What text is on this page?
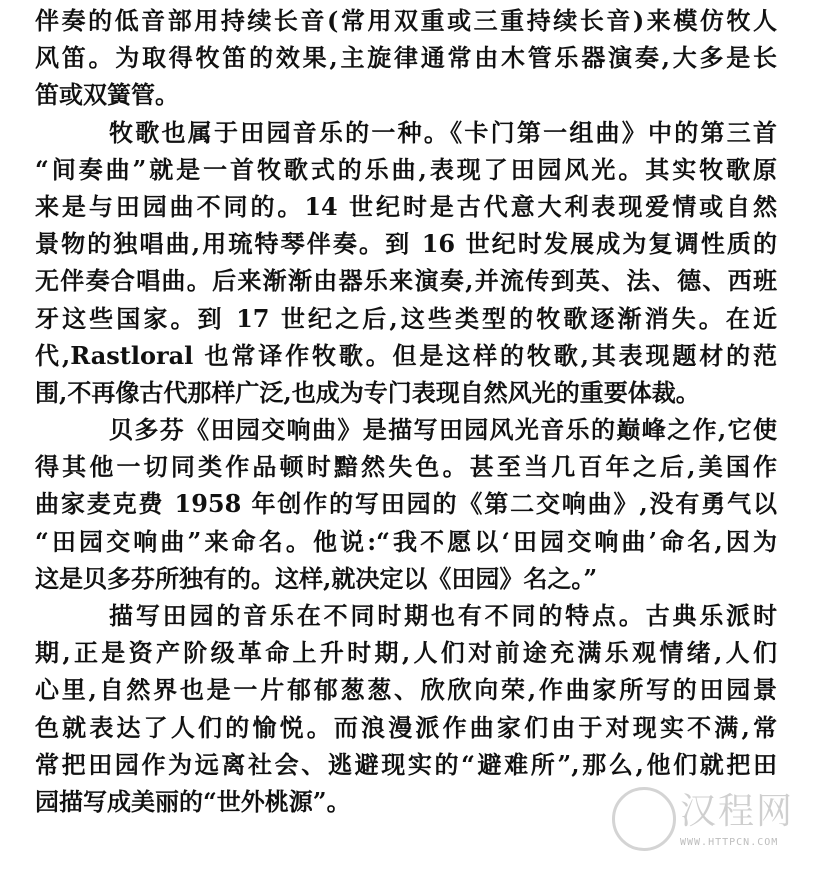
伴奏的低音部用持续长音(常用双重或三重持续长音)来模仿牧人
风笛。为取得牧笛的效果,主旋律通常由木管乐器演奏,大多是长
笛或双簧管。
牧歌也属于田园音乐的一种。《卡门第一组曲》中的第三首
“间奏曲”就是一首牧歌式的乐曲,表现了田园风光。其实牧歌原
来是与田园曲不同的。14 世纪时是古代意大利表现爱情或自然
景物的独唱曲,用琉特琴伴奏。到 16 世纪时发展成为复调性质的
无伴奏合唱曲。后来渐渐由器乐来演奏,并流传到英、法、德、西班
牙这些国家。到 17 世纪之后,这些类型的牧歌逐渐消失。在近
代,Rastloral 也常译作牧歌。但是这样的牧歌,其表现题材的范
围,不再像古代那样广泛,也成为专门表现自然风光的重要体裁。
贝多芬《田园交响曲》是描写田园风光音乐的巅峰之作,它使
得其他一切同类作品顿时黯然失色。甚至当几百年之后,美国作
曲家麦克费 1958 年创作的写田园的《第二交响曲》,没有勇气以
“田园交响曲”来命名。他说:“我不愿以‘田园交响曲’命名,因为
这是贝多芬所独有的。这样,就决定以《田园》名之。”
描写田园的音乐在不同时期也有不同的特点。古典乐派时
期,正是资产阶级革命上升时期,人们对前途充满乐观情绪,人们
心里,自然界也是一片郁郁葱葱、欣欣向荣,作曲家所写的田园景
色就表达了人们的愉悦。而浪漫派作曲家们由于对现实不满,常
常把田园作为远离社会、逃避现实的“避难所”,那么,他们就把田
园描写成美丽的“世外桃源”。	汉程网
WWW.HTTPCN.COM
